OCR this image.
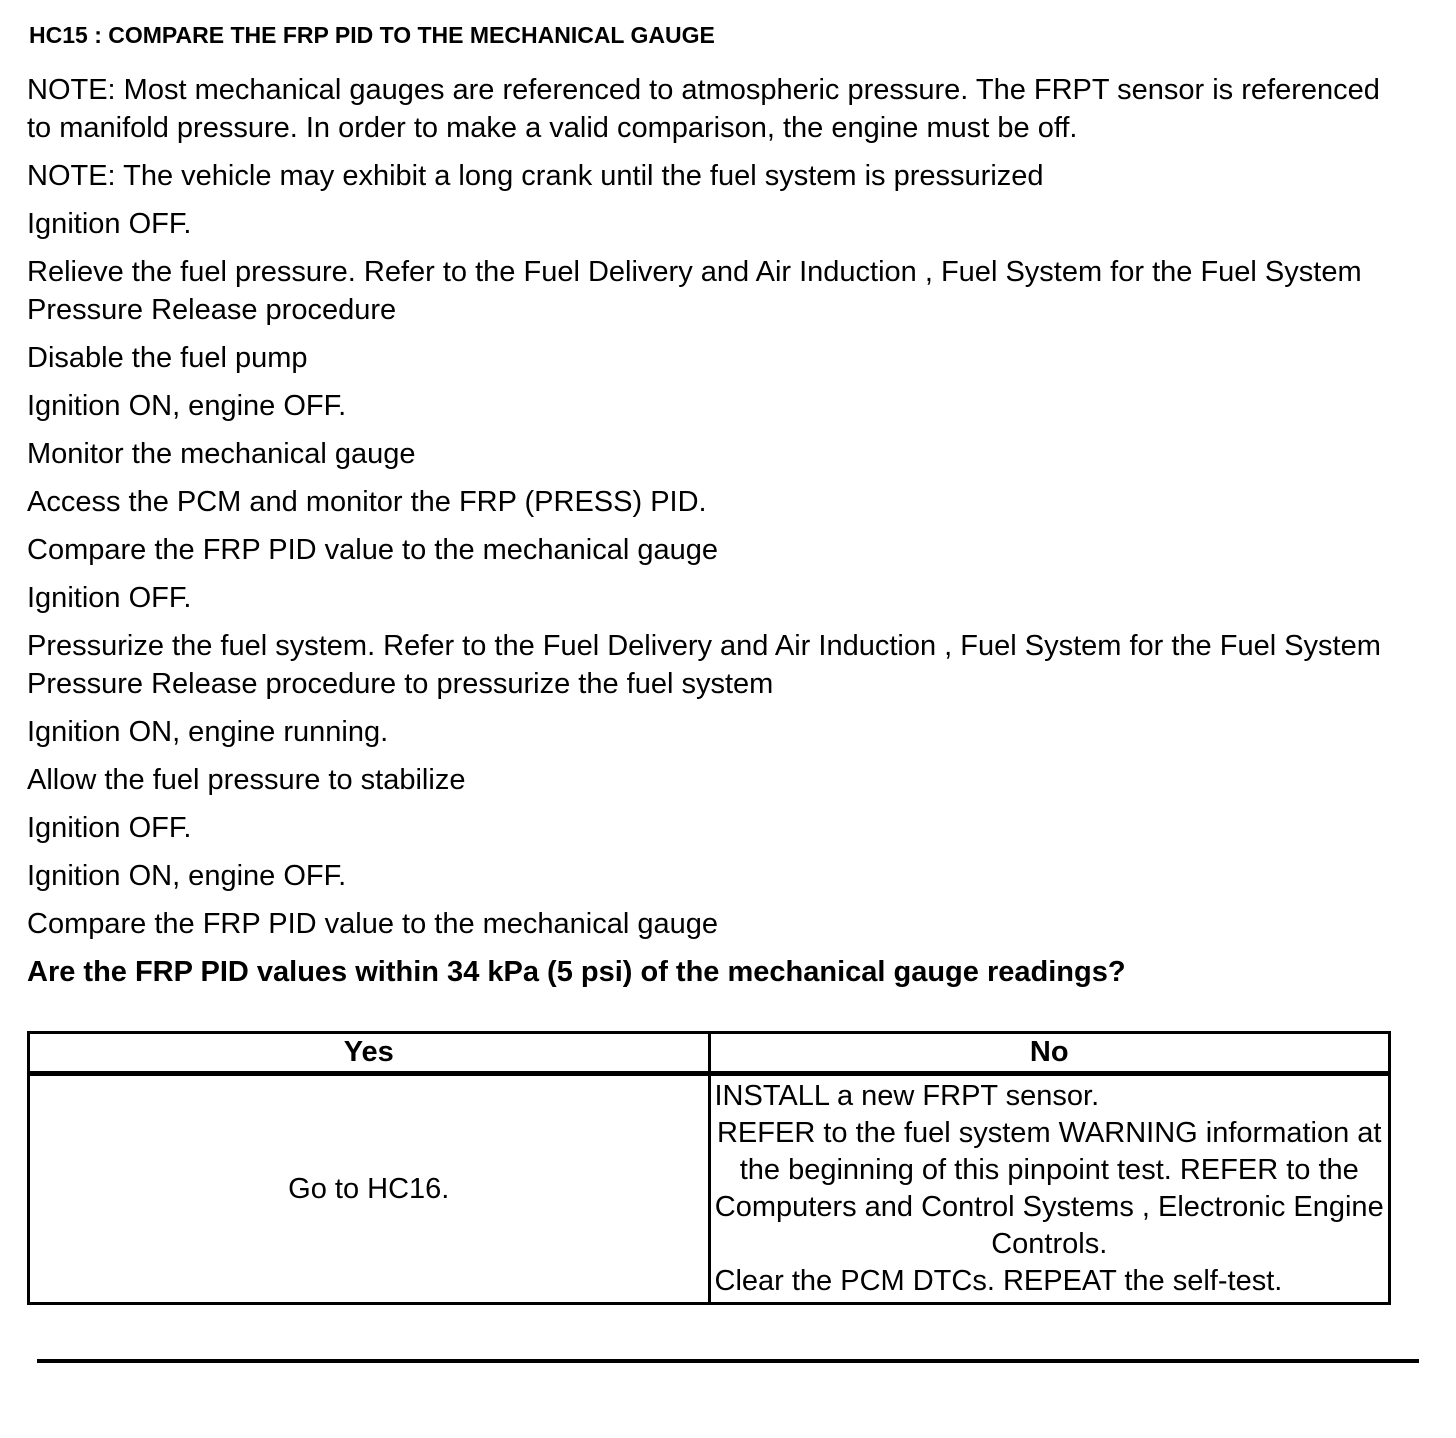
HC15 : COMPARE THE FRP PID TO THE MECHANICAL GAUGE

NOTE: Most mechanical gauges are referenced to atmospheric pressure. The FRPT sensor is referenced to manifold pressure. In order to make a valid comparison, the engine must be off.

NOTE: The vehicle may exhibit a long crank until the fuel system is pressurized

Ignition OFF.

Relieve the fuel pressure. Refer to the Fuel Delivery and Air Induction , Fuel System for the Fuel System Pressure Release procedure

Disable the fuel pump

Ignition ON, engine OFF.

Monitor the mechanical gauge

Access the PCM and monitor the FRP (PRESS) PID.

Compare the FRP PID value to the mechanical gauge

Ignition OFF.

Pressurize the fuel system. Refer to the Fuel Delivery and Air Induction , Fuel System for the Fuel System Pressure Release procedure to pressurize the fuel system

Ignition ON, engine running.

Allow the fuel pressure to stabilize

Ignition OFF.

Ignition ON, engine OFF.

Compare the FRP PID value to the mechanical gauge

Are the FRP PID values within 34 kPa (5 psi) of the mechanical gauge readings?

Yes	No
Go to HC16.	INSTALL a new FRPT sensor.
REFER to the fuel system WARNING information at the beginning of this pinpoint test. REFER to the Computers and Control Systems , Electronic Engine Controls.
Clear the PCM DTCs. REPEAT the self-test.
